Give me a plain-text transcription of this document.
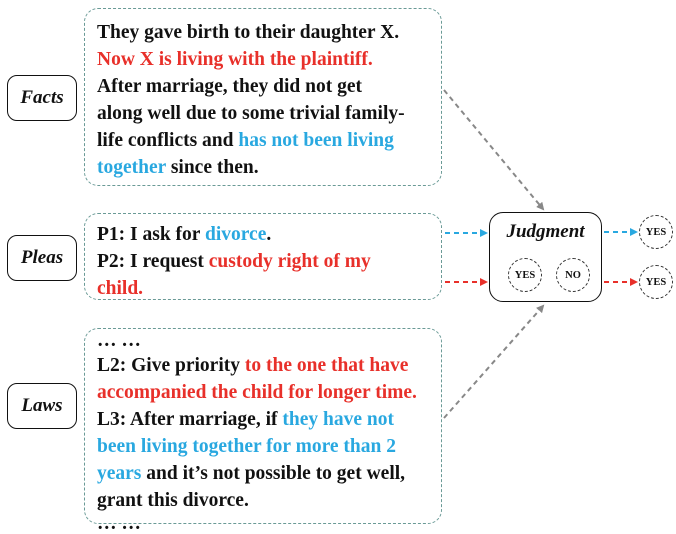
Facts
They gave birth to their daughter X.
Now X is living with the plaintiff.
After marriage, they did not get
along well due to some trivial family-
life conflicts and has not been living
together since then.
Pleas
P1: I ask for divorce.
P2: I request custody right of my
child.
Laws
… …
L2: Give priority to the one that have
accompanied the child for longer time.
L3: After marriage, if they have not
been living together for more than 2
years and it’s not possible to get well,
grant this divorce.
… …
Judgment
YES	NO
YES
YES
